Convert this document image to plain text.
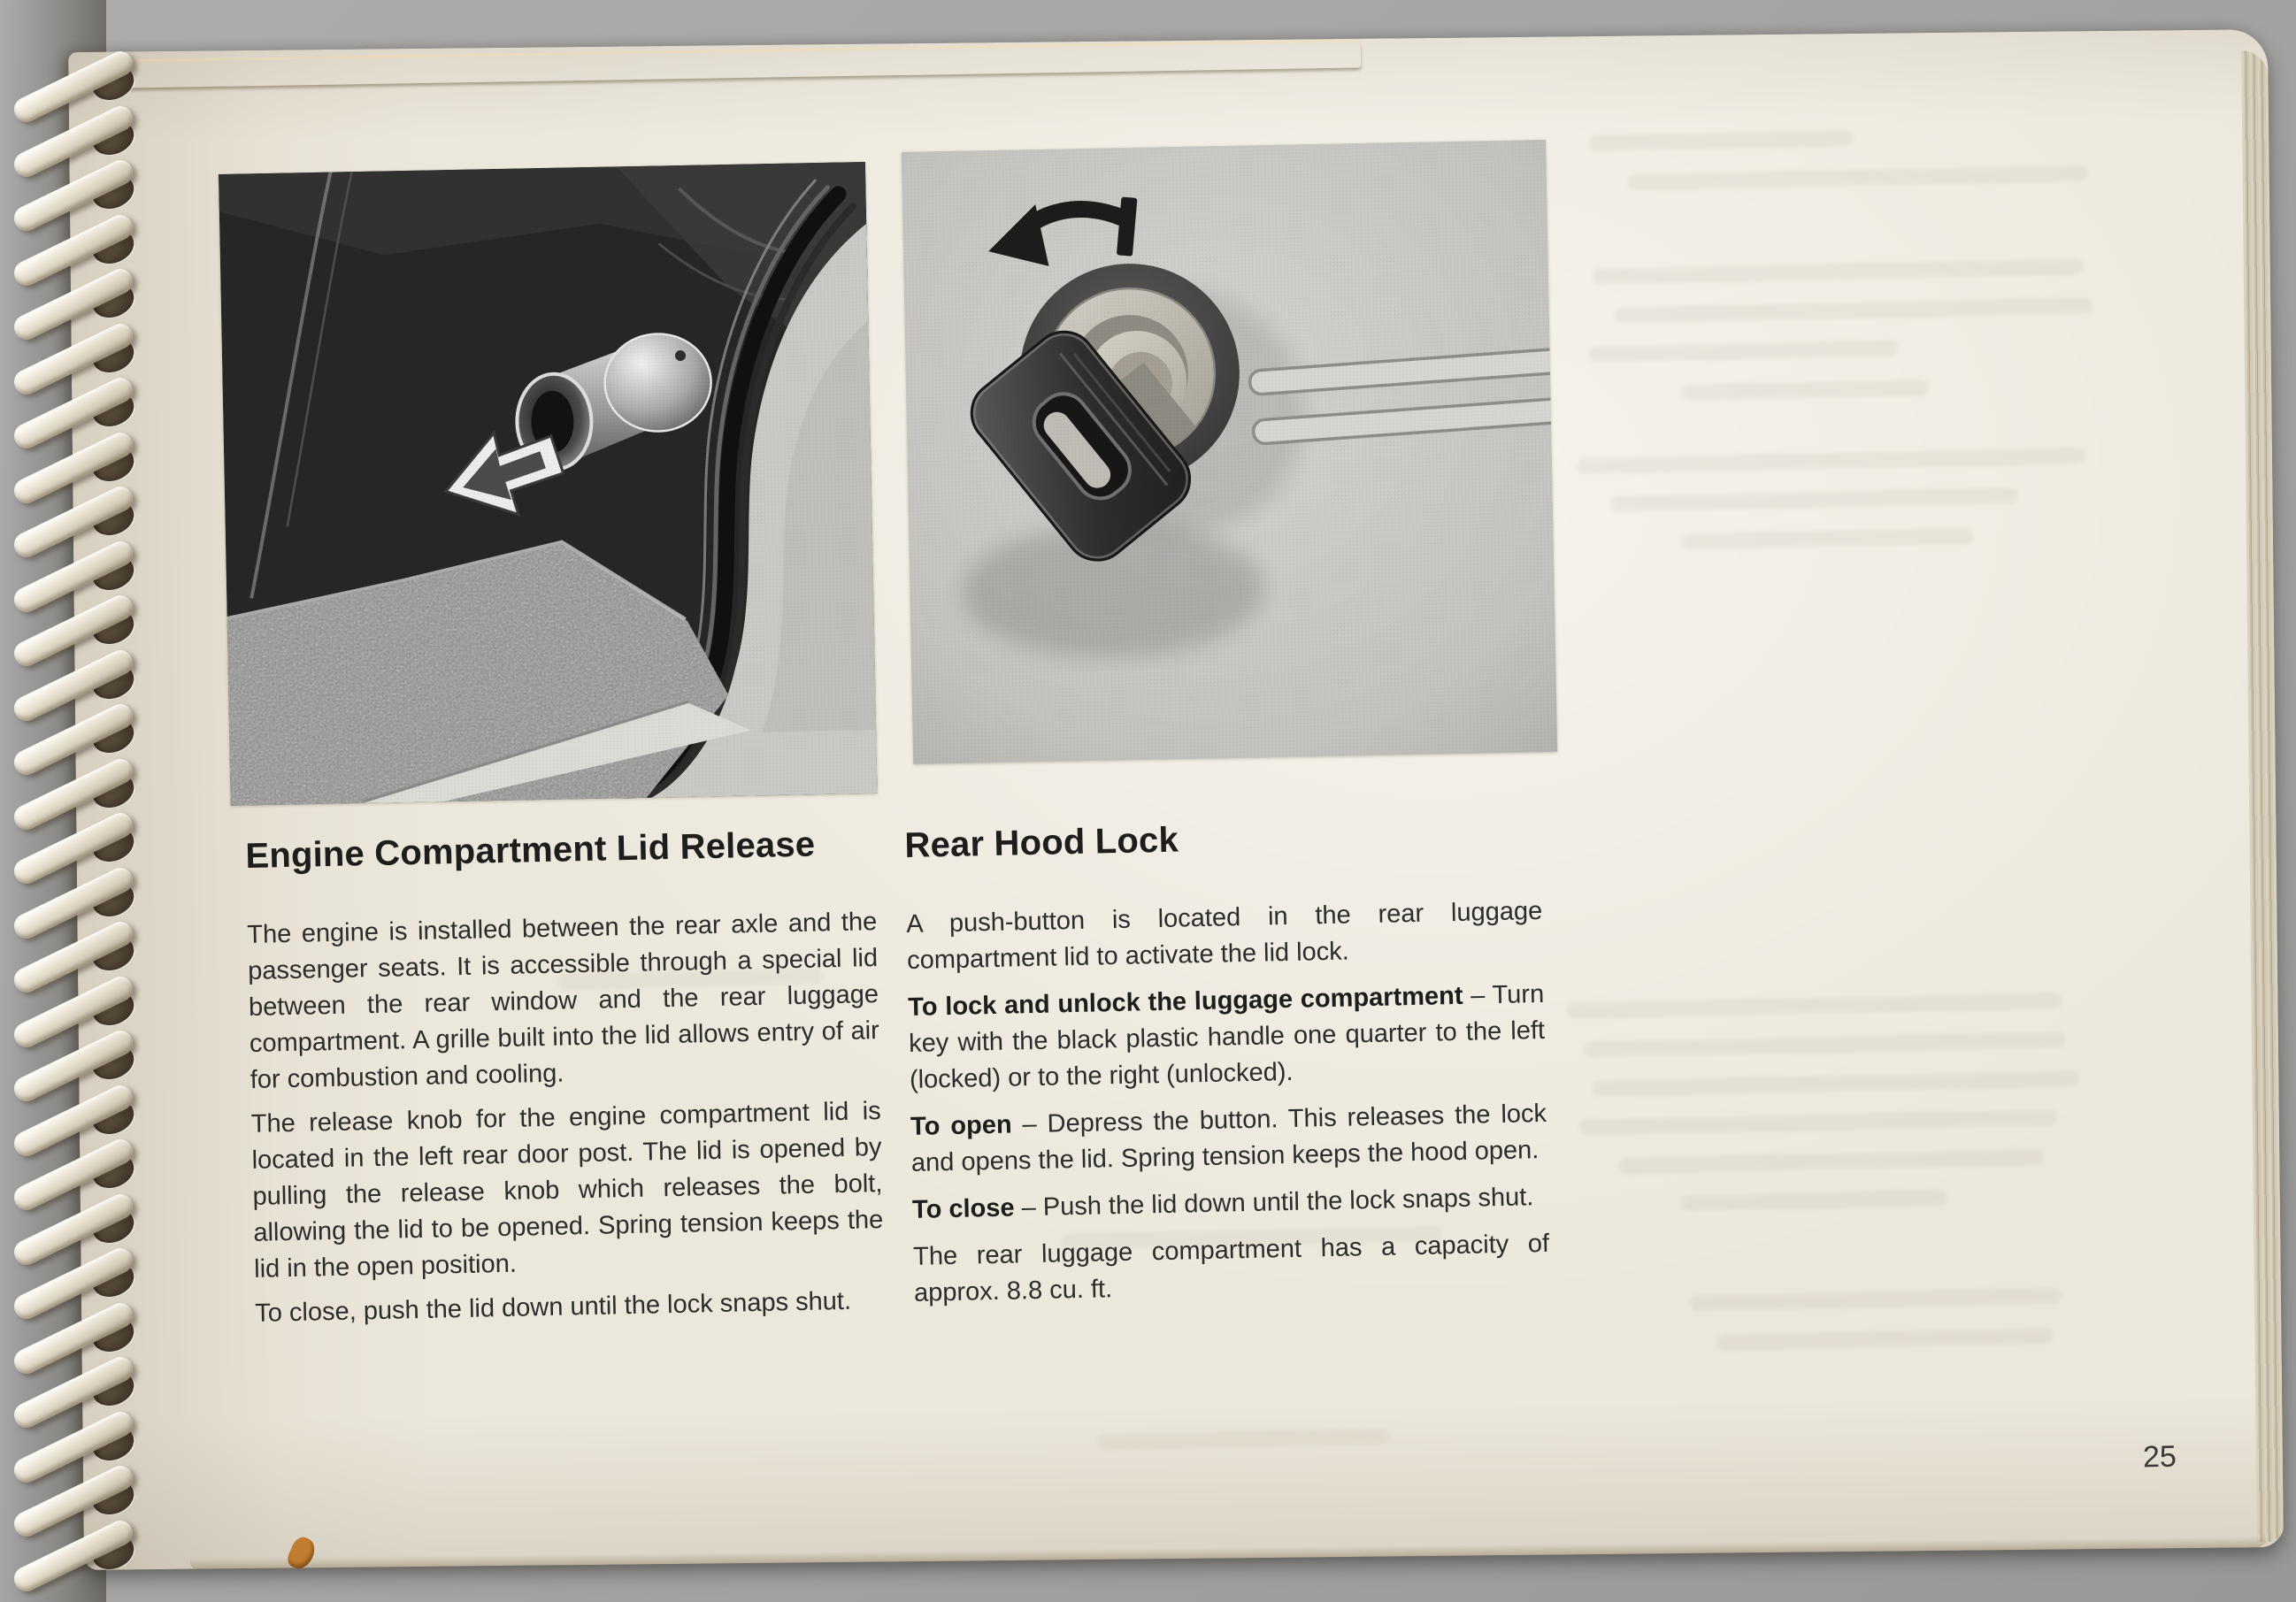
Engine Compartment Lid Release

The engine is installed between the rear axle and the passenger seats. It is accessible through a special lid between the rear window and the rear luggage compartment. A grille built into the lid allows entry of air for combustion and cooling.

The release knob for the engine compartment lid is located in the left rear door post. The lid is opened by pulling the release knob which releases the bolt, allowing the lid to be opened. Spring tension keeps the lid in the open position.

To close, push the lid down until the lock snaps shut.

Rear Hood Lock

A push-button is located in the rear luggage compartment lid to activate the lid lock.

To lock and unlock the luggage compartment – Turn key with the black plastic handle one quarter to the left (locked) or to the right (unlocked).

To open – Depress the button. This releases the lock and opens the lid. Spring tension keeps the hood open.

To close – Push the lid down until the lock snaps shut.

The rear luggage compartment has a capacity of approx. 8.8 cu. ft.

25
